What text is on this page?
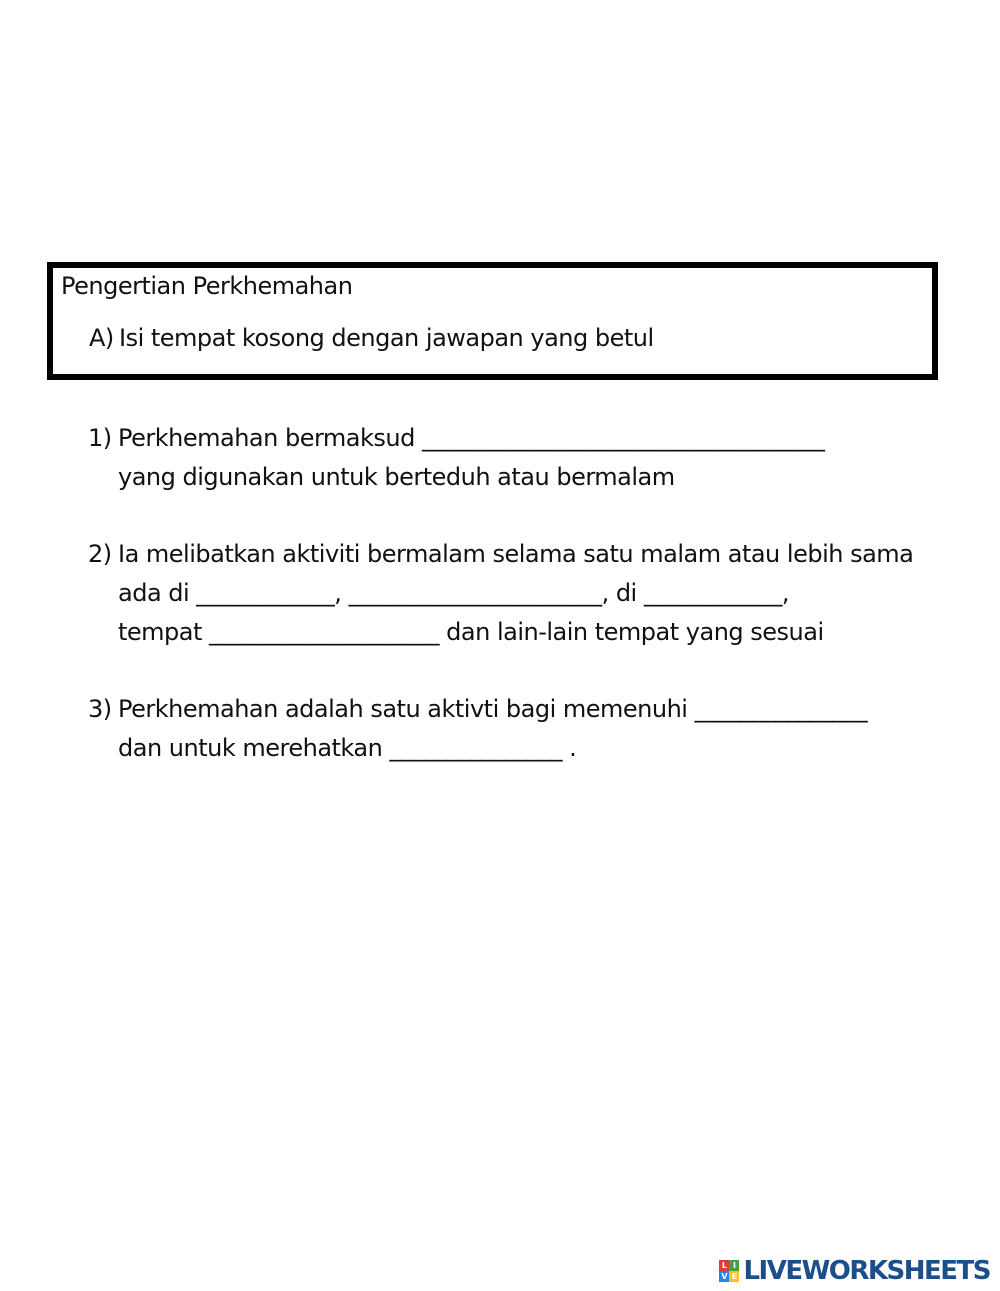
Pengertian Perkhemahan
A) Isi tempat kosong dengan jawapan yang betul
1) Perkhemahan bermaksud ___________________________________
yang digunakan untuk berteduh atau bermalam
2) Ia melibatkan aktiviti bermalam selama satu malam atau lebih sama
ada di ____________, ______________________, di ____________,
tempat ____________________ dan lain-lain tempat yang sesuai
3) Perkhemahan adalah satu aktivti bagi memenuhi _______________
dan untuk merehatkan _______________ .
L I
V E LIVEWORKSHEETS
